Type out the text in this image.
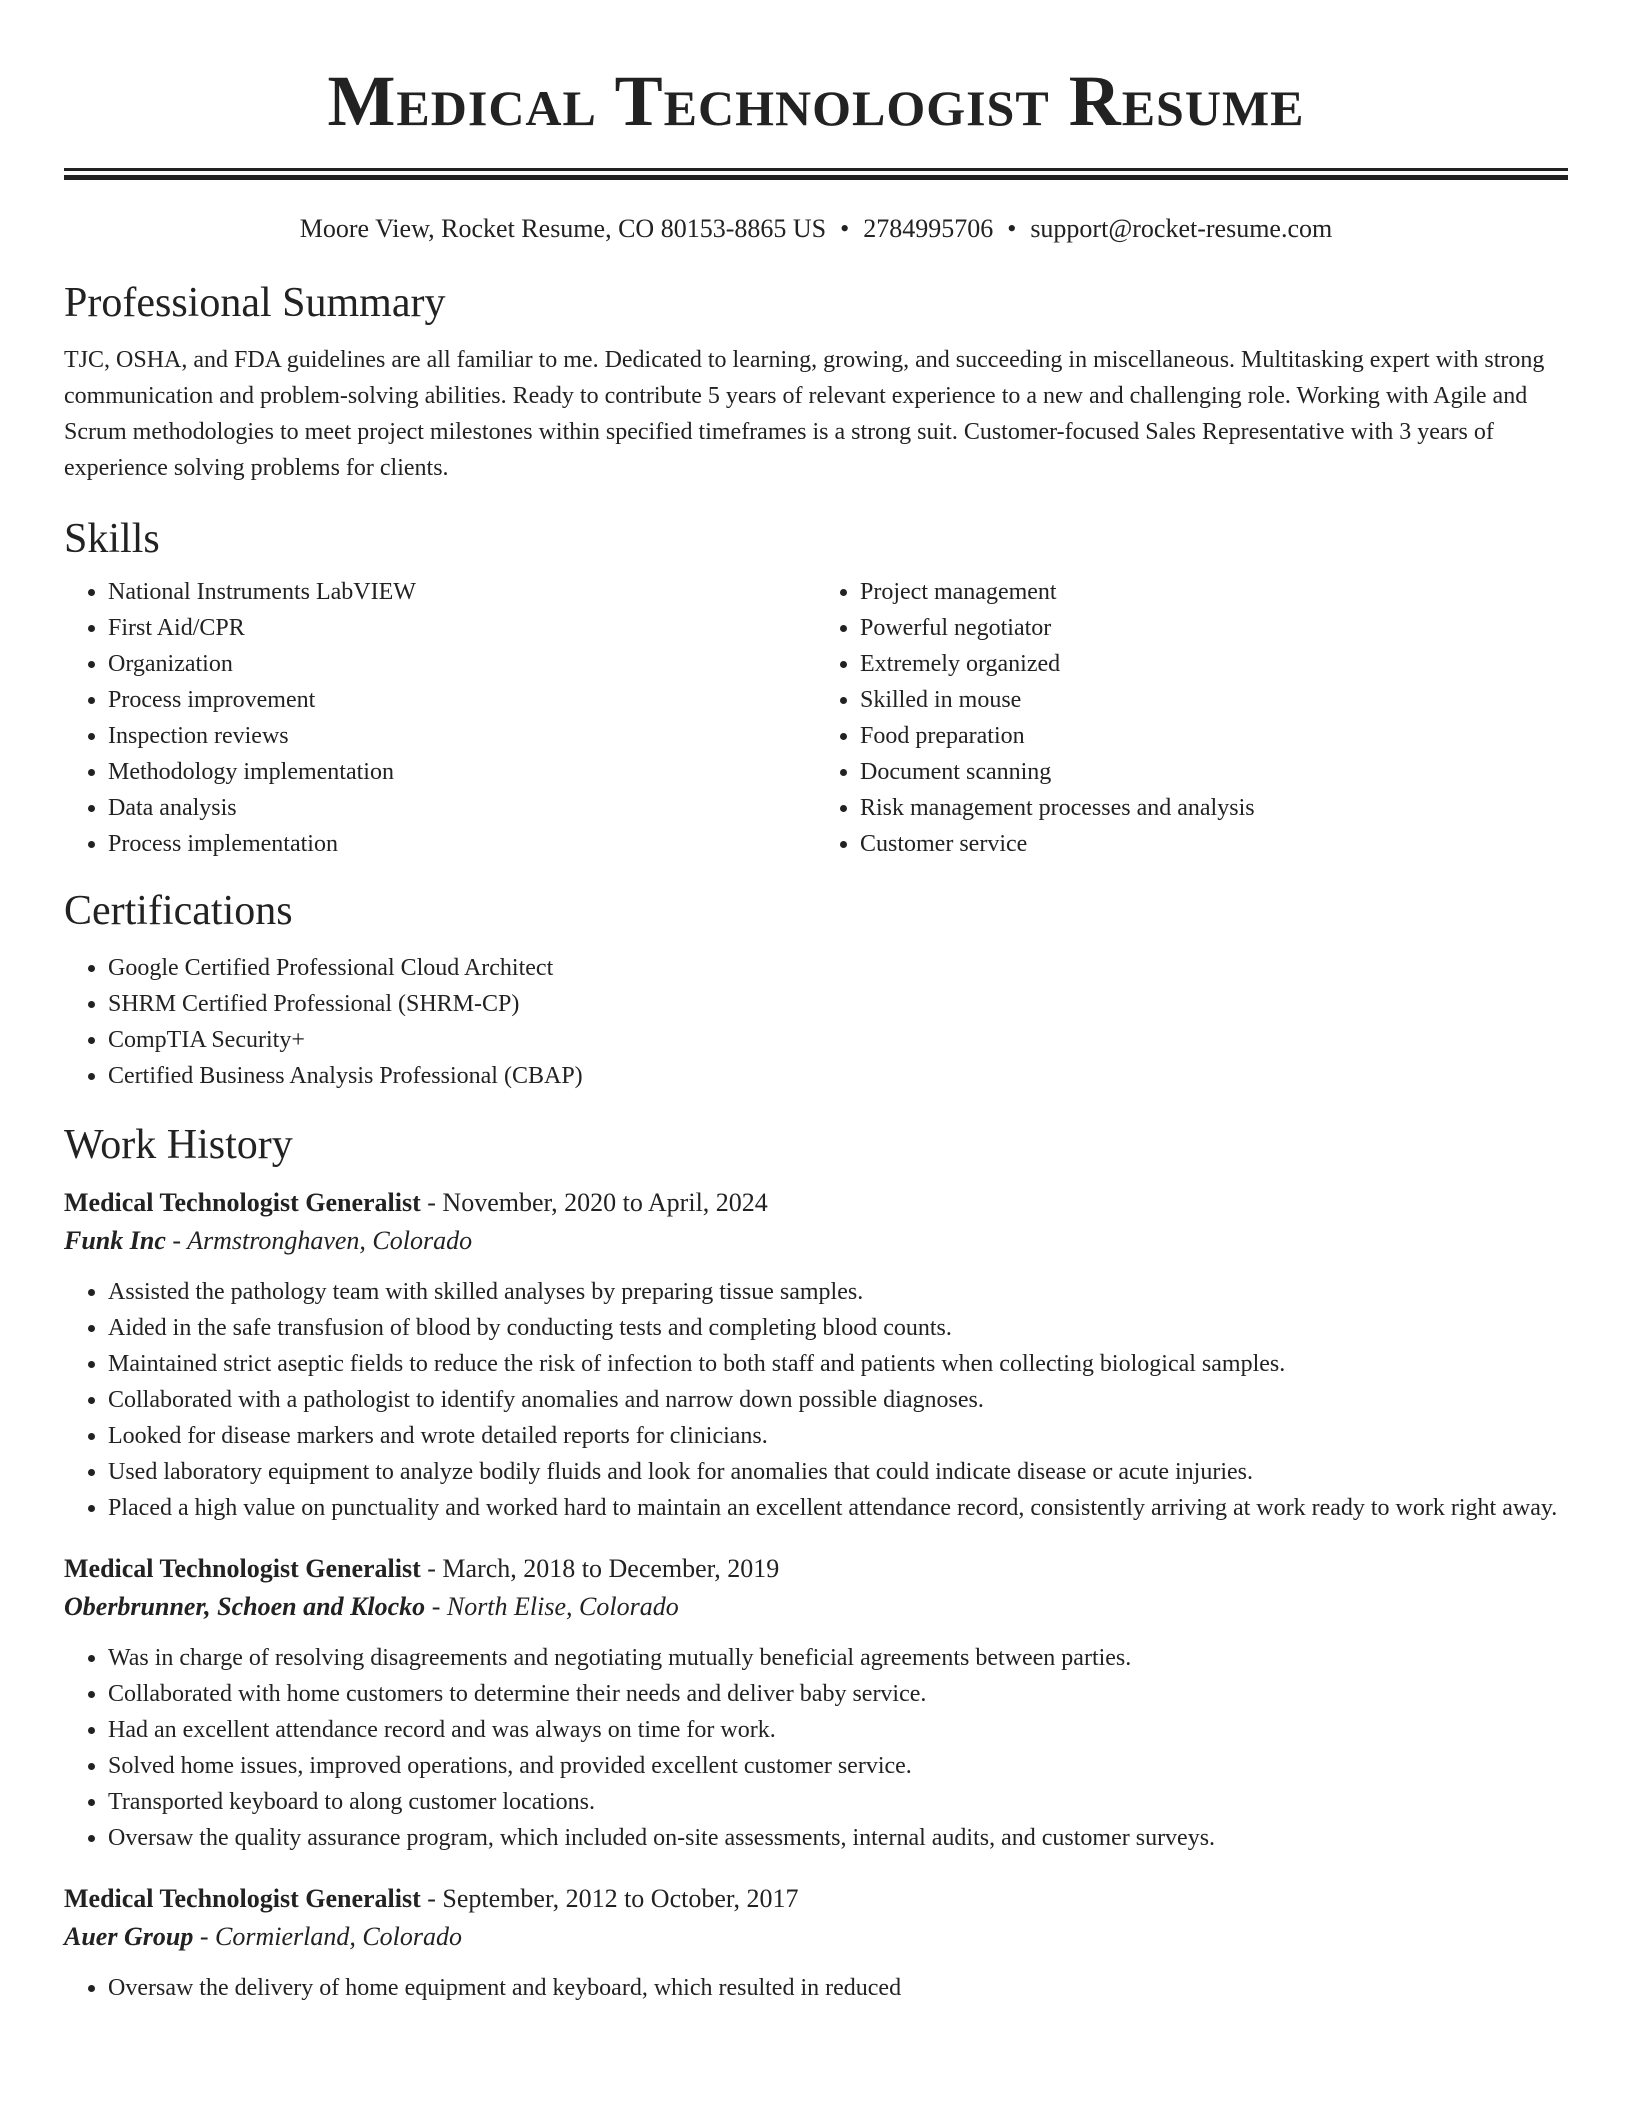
Medical Technologist Resume
Moore View, Rocket Resume, CO 80153-8865 US • 2784995706 • support@rocket-resume.com
Professional Summary

TJC, OSHA, and FDA guidelines are all familiar to me. Dedicated to learning, growing, and succeeding in miscellaneous. Multitasking expert with strong communication and problem-solving abilities. Ready to contribute 5 years of relevant experience to a new and challenging role. Working with Agile and Scrum methodologies to meet project milestones within specified timeframes is a strong suit. Customer-focused Sales Representative with 3 years of experience solving problems for clients.

Skills
• National Instruments LabVIEW
• First Aid/CPR
• Organization
• Process improvement
• Inspection reviews
• Methodology implementation
• Data analysis
• Process implementation
• Project management
• Powerful negotiator
• Extremely organized
• Skilled in mouse
• Food preparation
• Document scanning
• Risk management processes and analysis
• Customer service
Certifications
• Google Certified Professional Cloud Architect
• SHRM Certified Professional (SHRM-CP)
• CompTIA Security+
• Certified Business Analysis Professional (CBAP)
Work History
Medical Technologist Generalist - November, 2020 to April, 2024
Funk Inc - Armstronghaven, Colorado
• Assisted the pathology team with skilled analyses by preparing tissue samples.
• Aided in the safe transfusion of blood by conducting tests and completing blood counts.
• Maintained strict aseptic fields to reduce the risk of infection to both staff and patients when collecting biological samples.
• Collaborated with a pathologist to identify anomalies and narrow down possible diagnoses.
• Looked for disease markers and wrote detailed reports for clinicians.
• Used laboratory equipment to analyze bodily fluids and look for anomalies that could indicate disease or acute injuries.
• Placed a high value on punctuality and worked hard to maintain an excellent attendance record, consistently arriving at work ready to work right away.
Medical Technologist Generalist - March, 2018 to December, 2019
Oberbrunner, Schoen and Klocko - North Elise, Colorado
• Was in charge of resolving disagreements and negotiating mutually beneficial agreements between parties.
• Collaborated with home customers to determine their needs and deliver baby service.
• Had an excellent attendance record and was always on time for work.
• Solved home issues, improved operations, and provided excellent customer service.
• Transported keyboard to along customer locations.
• Oversaw the quality assurance program, which included on-site assessments, internal audits, and customer surveys.
Medical Technologist Generalist - September, 2012 to October, 2017
Auer Group - Cormierland, Colorado
• Oversaw the delivery of home equipment and keyboard, which resulted in reduced
